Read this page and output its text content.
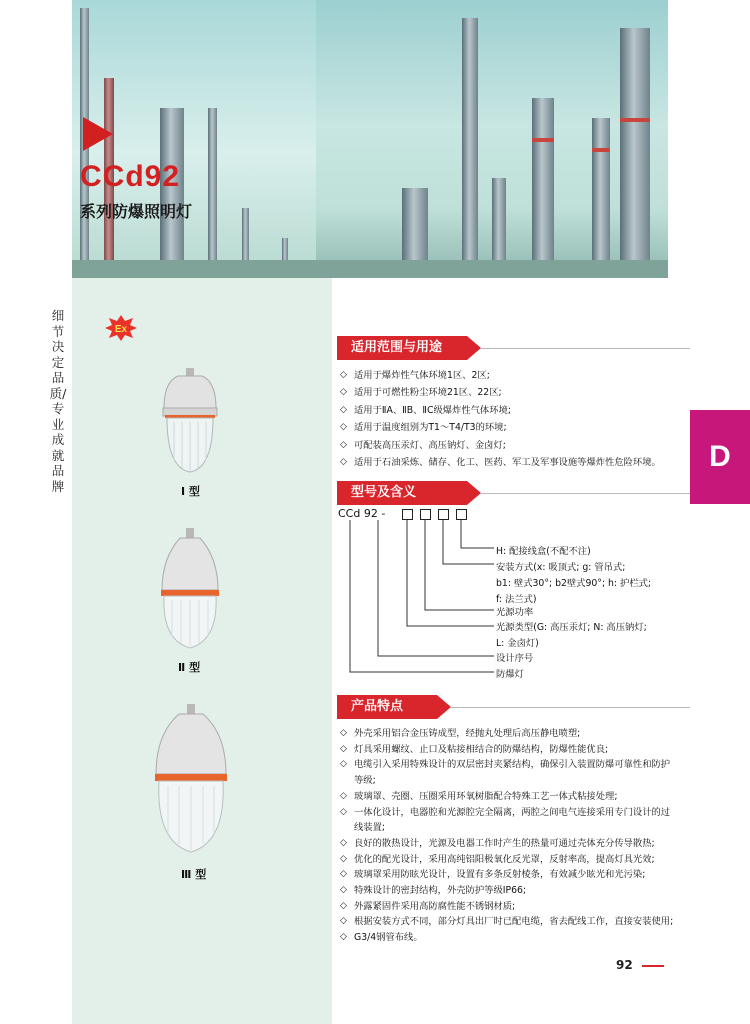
CCd92
系列防爆照明灯
细节决定品质/专业成就品牌
Ex
Ⅰ 型
Ⅱ 型
Ⅲ 型
D
适用范围与用途
◇ 适用于爆炸性气体环境1区、2区;
◇ 适用于可燃性粉尘环境21区、22区;
◇ 适用于ⅡA、ⅡB、ⅡC级爆炸性气体环境;
◇ 适用于温度组别为T1～T4/T3的环境;
◇ 可配装高压汞灯、高压钠灯、金卤灯;
◇ 适用于石油采炼、储存、化工、医药、军工及军事设施等爆炸性危险环境。
型号及含义
CCd 92 -
H: 配接线盒(不配不注)
安装方式(x: 吸顶式; g: 管吊式;
b1: 壁式30°; b2壁式90°; h: 护栏式;
f: 法兰式)
光源功率
光源类型(G: 高压汞灯; N: 高压钠灯;
L: 金卤灯)
设计序号
防爆灯
产品特点
◇ 外壳采用铝合金压铸成型，经抛丸处理后高压静电喷塑;
◇ 灯具采用螺纹、止口及粘接相结合的防爆结构，防爆性能优良;
◇ 电缆引入采用特殊设计的双层密封夹紧结构，确保引入装置防爆可靠性和防护等级;
◇ 玻璃罩、壳圈、压圈采用环氧树脂配合特殊工艺一体式粘接处理;
◇ 一体化设计，电器腔和光源腔完全隔离，两腔之间电气连接采用专门设计的过线装置;
◇ 良好的散热设计，光源及电器工作时产生的热量可通过壳体充分传导散热;
◇ 优化的配光设计，采用高纯铝阳极氧化反光罩，反射率高，提高灯具光效;
◇ 玻璃罩采用防眩光设计，设置有多条反射棱条，有效减少眩光和光污染;
◇ 特殊设计的密封结构，外壳防护等级IP66;
◇ 外露紧固件采用高防腐性能不锈钢材质;
◇ 根据安装方式不同，部分灯具出厂时已配电缆，省去配线工作，直接安装使用;
◇ G3/4钢管布线。
92
